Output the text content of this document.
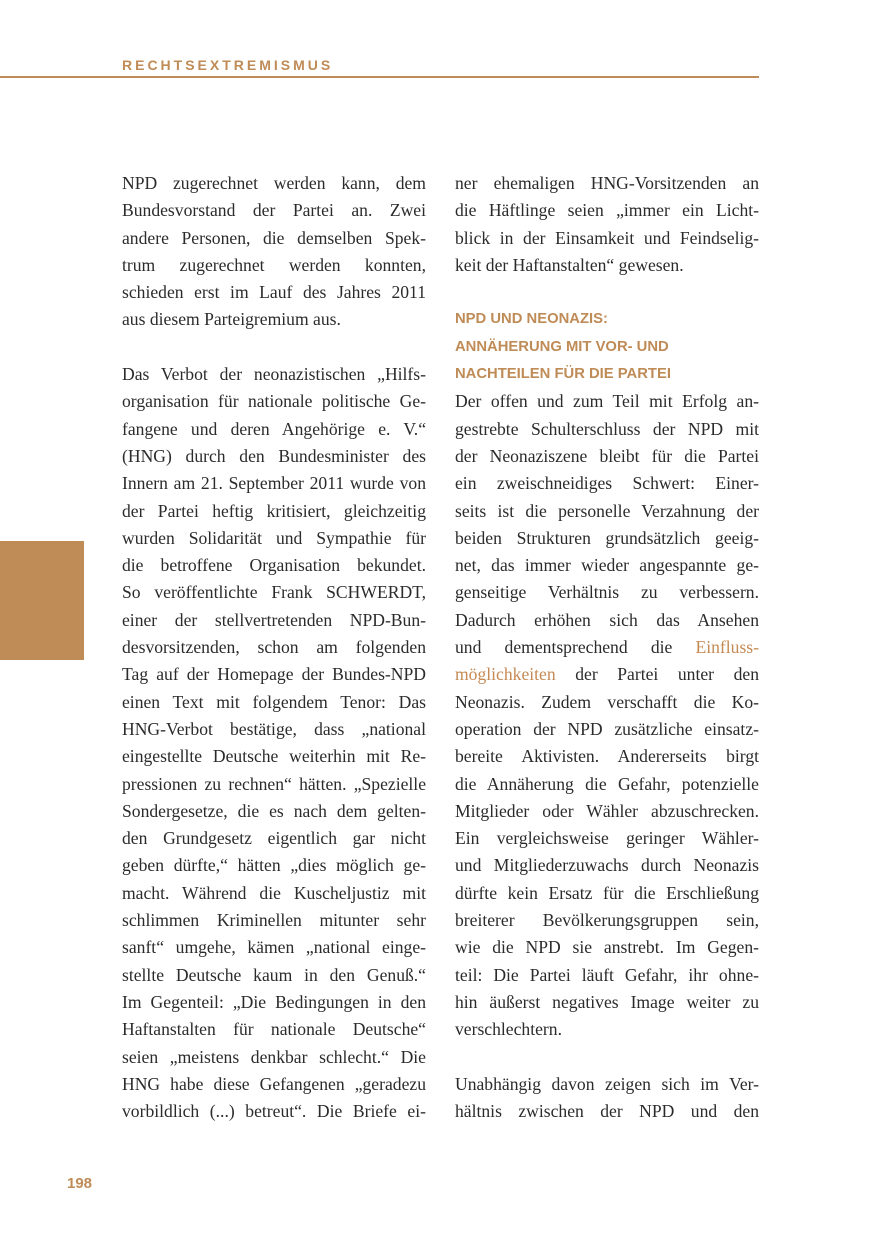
RECHTSEXTREMISMUS

NPD zugerechnet werden kann, dem
Bundesvorstand der Partei an. Zwei
andere Personen, die demselben Spek-
trum zugerechnet werden konnten,
schieden erst im Lauf des Jahres 2011
aus diesem Parteigremium aus.
Das Verbot der neonazistischen „Hilfs-
organisation für nationale politische Ge-
fangene und deren Angehörige e. V.“
(HNG) durch den Bundesminister des
Innern am 21. September 2011 wurde von
der Partei heftig kritisiert, gleichzeitig
wurden Solidarität und Sympathie für
die betroffene Organisation bekundet.
So veröffentlichte Frank SCHWERDT,
einer der stellvertretenden NPD-Bun-
desvorsitzenden, schon am folgenden
Tag auf der Homepage der Bundes-NPD
einen Text mit folgendem Tenor: Das
HNG-Verbot bestätige, dass „national
eingestellte Deutsche weiterhin mit Re-
pressionen zu rechnen“ hätten. „Spezielle
Sondergesetze, die es nach dem gelten-
den Grundgesetz eigentlich gar nicht
geben dürfte,“ hätten „dies möglich ge-
macht. Während die Kuscheljustiz mit
schlimmen Kriminellen mitunter sehr
sanft“ umgehe, kämen „national einge-
stellte Deutsche kaum in den Genuß.“
Im Gegenteil: „Die Bedingungen in den
Haftanstalten für nationale Deutsche“
seien „meistens denkbar schlecht.“ Die
HNG habe diese Gefangenen „geradezu
vorbildlich (...) betreut“. Die Briefe ei-
ner ehemaligen HNG-Vorsitzenden an
die Häftlinge seien „immer ein Licht-
blick in der Einsamkeit und Feindselig-
keit der Haftanstalten“ gewesen.
NPD UND NEONAZIS:
ANNÄHERUNG MIT VOR- UND
NACHTEILEN FÜR DIE PARTEI
Der offen und zum Teil mit Erfolg an-
gestrebte Schulterschluss der NPD mit
der Neonaziszene bleibt für die Partei
ein zweischneidiges Schwert: Einer-
seits ist die personelle Verzahnung der
beiden Strukturen grundsätzlich geeig-
net, das immer wieder angespannte ge-
genseitige Verhältnis zu verbessern.
Dadurch erhöhen sich das Ansehen
und dementsprechend die Einfluss-
möglichkeiten der Partei unter den
Neonazis. Zudem verschafft die Ko-
operation der NPD zusätzliche einsatz-
bereite Aktivisten. Andererseits birgt
die Annäherung die Gefahr, potenzielle
Mitglieder oder Wähler abzuschrecken.
Ein vergleichsweise geringer Wähler-
und Mitgliederzuwachs durch Neonazis
dürfte kein Ersatz für die Erschließung
breiterer Bevölkerungsgruppen sein,
wie die NPD sie anstrebt. Im Gegen-
teil: Die Partei läuft Gefahr, ihr ohne-
hin äußerst negatives Image weiter zu
verschlechtern.
Unabhängig davon zeigen sich im Ver-
hältnis zwischen der NPD und den

198
